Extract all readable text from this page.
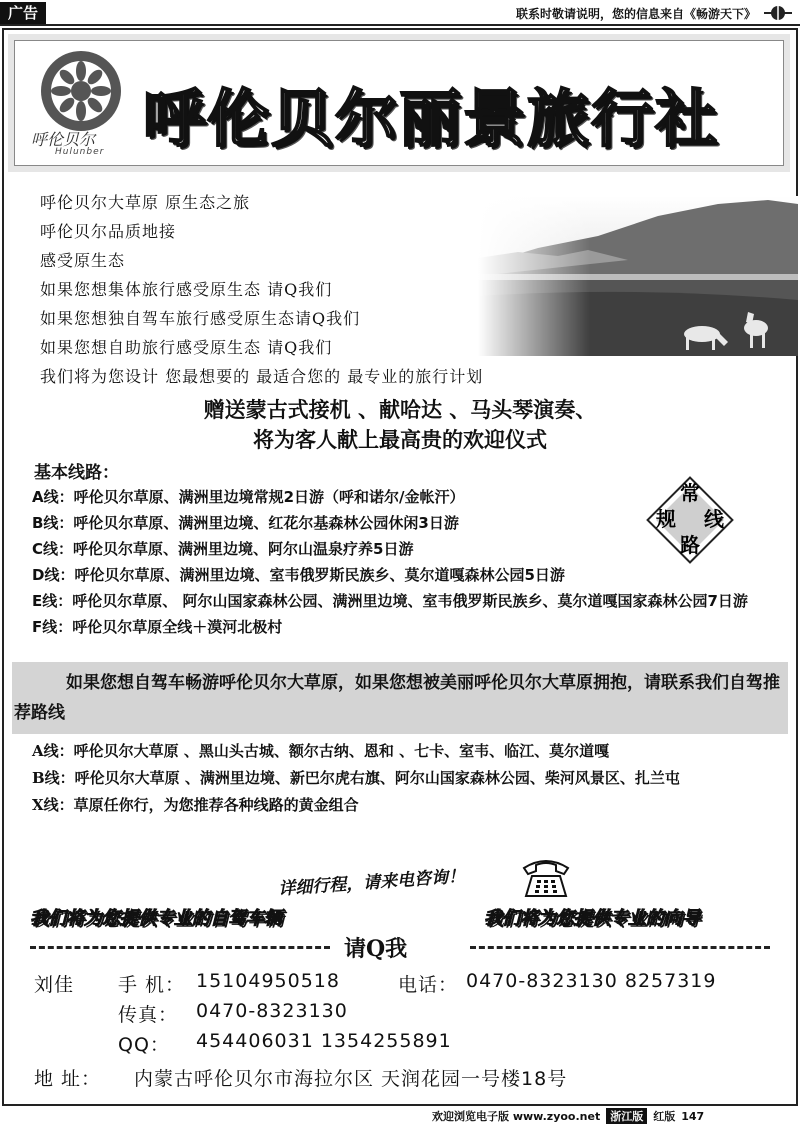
广告	联系时敬请说明，您的信息来自《畅游天下》
呼伦贝尔
Hulunber 呼伦贝尔丽景旅行社
呼伦贝尔大草原 原生态之旅
呼伦贝尔品质地接
感受原生态
如果您想集体旅行感受原生态 请Q我们
如果您想独自驾车旅行感受原生态请Q我们
如果您想自助旅行感受原生态 请Q我们
我们将为您设计 您最想要的 最适合您的 最专业的旅行计划
赠送蒙古式接机 、献哈达 、马头琴演奏、
将为客人献上最高贵的欢迎仪式
基本线路：
A线：呼伦贝尔草原、满洲里边境常规2日游（呼和诺尔/金帐汗）
B线：呼伦贝尔草原、满洲里边境、红花尔基森林公园休闲3日游
C线：呼伦贝尔草原、满洲里边境、阿尔山温泉疗养5日游
D线：呼伦贝尔草原、满洲里边境、室韦俄罗斯民族乡、莫尔道嘎森林公园5日游
E线：呼伦贝尔草原、 阿尔山国家森林公园、满洲里边境、室韦俄罗斯民族乡、莫尔道嘎国家森林公园7日游
F线：呼伦贝尔草原全线＋漠河北极村
常
规 线
路
如果您想自驾车畅游呼伦贝尔大草原，如果您想被美丽呼伦贝尔大草原拥抱，请联系我们自驾推荐路线
A线：呼伦贝尔大草原 、黑山头古城、额尔古纳、恩和 、七卡、室韦、临江、莫尔道嘎
B线：呼伦贝尔大草原 、满洲里边境、新巴尔虎右旗、阿尔山国家森林公园、柴河风景区、扎兰屯
X线：草原任你行，为您推荐各种线路的黄金组合
详细行程，请来电咨询！
我们将为您提供专业的自驾车辆	我们将为您提供专业的向导
请Q我
刘佳 手 机： 15104950518	电话： 0470-8323130 8257319
传真： 0470-8323130
QQ： 454406031 1354255891
地 址： 内蒙古呼伦贝尔市海拉尔区 天润花园一号楼18号
欢迎浏览电子版 www.zyoo.net 浙江版 红版 147
